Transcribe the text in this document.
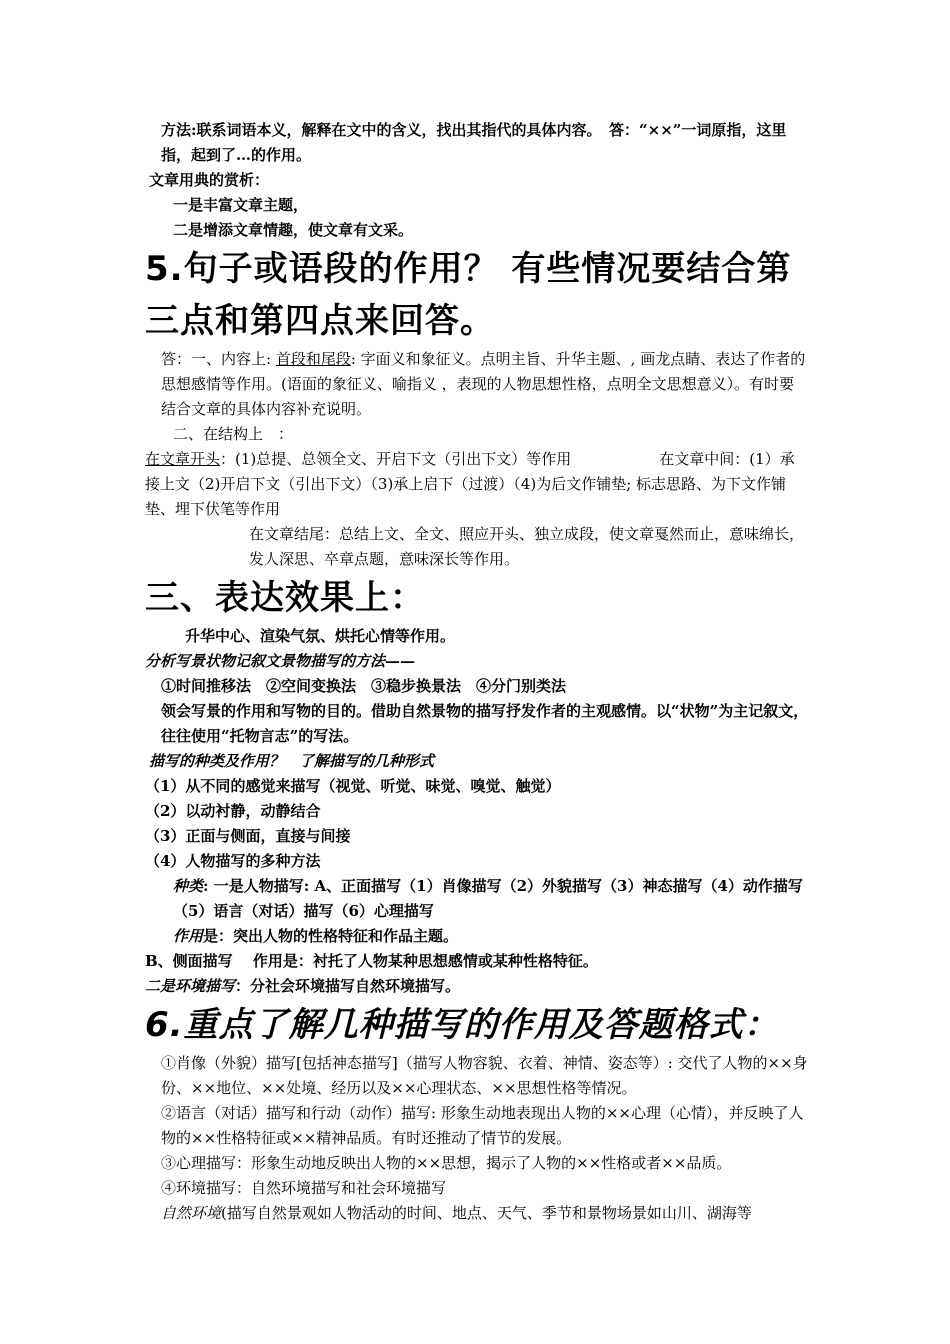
方法:联系词语本义，解释在文中的含义，找出其指代的具体内容。　答：“××”一词原指，这里指，起到了…的作用。

文章用典的赏析：

一是丰富文章主题，

二是增添文章情趣，使文章有文采。

5.句子或语段的作用？ 有些情况要结合第三点和第四点来回答。

答：一、内容上: 首段和尾段: 字面义和象征义。点明主旨、升华主题、, 画龙点睛、表达了作者的思想感情等作用。(语面的象征义、喻指义 ，表现的人物思想性格，点明全文思想意义）。有时要结合文章的具体内容补充说明。

二、在结构上　：

在文章开头：(1)总提、总领全文、开启下文（引出下文）等作用	在文章中间：(1）承接上文（2)开启下文（引出下文）（3)承上启下（过渡）（4)为后文作铺垫; 标志思路、为下文作铺垫、埋下伏笔等作用

在文章结尾：总结上文、全文、照应开头、独立成段，使文章戛然而止，意味绵长，发人深思、卒章点题，意味深长等作用。

三、表达效果上：

升华中心、渲染气氛、烘托心情等作用。

分析写景状物记叙文景物描写的方法——

①时间推移法　②空间变换法　③稳步换景法　④分门别类法

领会写景的作用和写物的目的。借助自然景物的描写抒发作者的主观感情。以“状物”为主记叙文，往往使用“托物言志”的写法。

描写的种类及作用？　了解描写的几种形式

（1）从不同的感觉来描写（视觉、听觉、味觉、嗅觉、触觉）

（2）以动衬静，动静结合

（3）正面与侧面，直接与间接

（4）人物描写的多种方法

种类: 一是人物描写: A、正面描写（1）肖像描写（2）外貌描写（3）神态描写（4）动作描写　（5）语言（对话）描写（6）心理描写

作用是：突出人物的性格特征和作品主题。

B、侧面描写　 作用是：衬托了人物某种思想感情或某种性格特征。

二是环境描写：分社会环境描写自然环境描写。

6.重点了解几种描写的作用及答题格式：

①肖像（外貌）描写[包括神态描写]（描写人物容貌、衣着、神情、姿态等）: 交代了人物的××身份、××地位、××处境、经历以及××心理状态、××思想性格等情况。

②语言（对话）描写和行动（动作）描写: 形象生动地表现出人物的××心理（心情），并反映了人物的××性格特征或××精神品质。有时还推动了情节的发展。

③心理描写：形象生动地反映出人物的××思想，揭示了人物的××性格或者××品质。

④环境描写：自然环境描写和社会环境描写

自然环境(描写自然景观如人物活动的时间、地点、天气、季节和景物场景如山川、湖海等
